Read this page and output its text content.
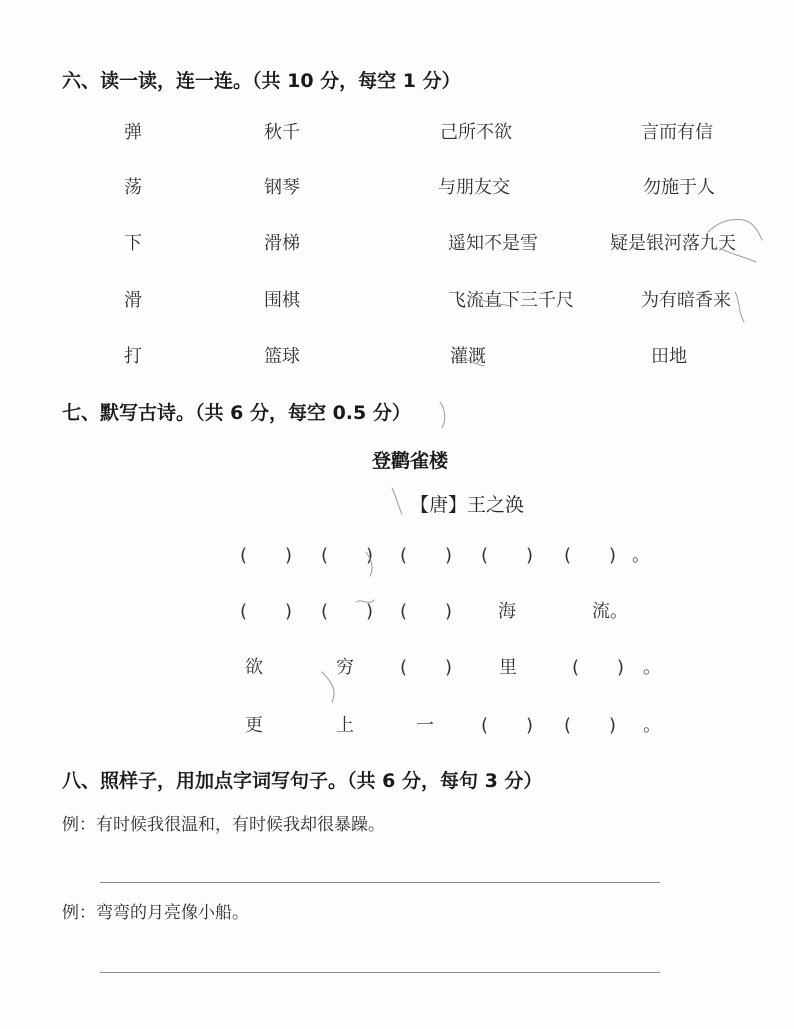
六、读一读，连一连。（共 10 分，每空 1 分）
弹	秋千	己所不欲	言而有信
荡	钢琴	与朋友交	勿施于人
下	滑梯	遥知不是雪	疑是银河落九天
滑	围棋	飞流直下三千尺	为有暗香来
打	篮球	灌溉	田地
七、默写古诗。（共 6 分，每空 0.5 分）
登鹳雀楼
【唐】王之涣
( ) ( ) ( ) ( ) ( ) 。
( ) ( ) ( )	海	流。
欲	穷	( )	里	( ) 。
更	上	一	( ) ( ) 。
八、照样子，用加点字词写句子。（共 6 分，每句 3 分）
例：有时候我很温和，有时候我却很暴躁。
例：弯弯的月亮像小船。
